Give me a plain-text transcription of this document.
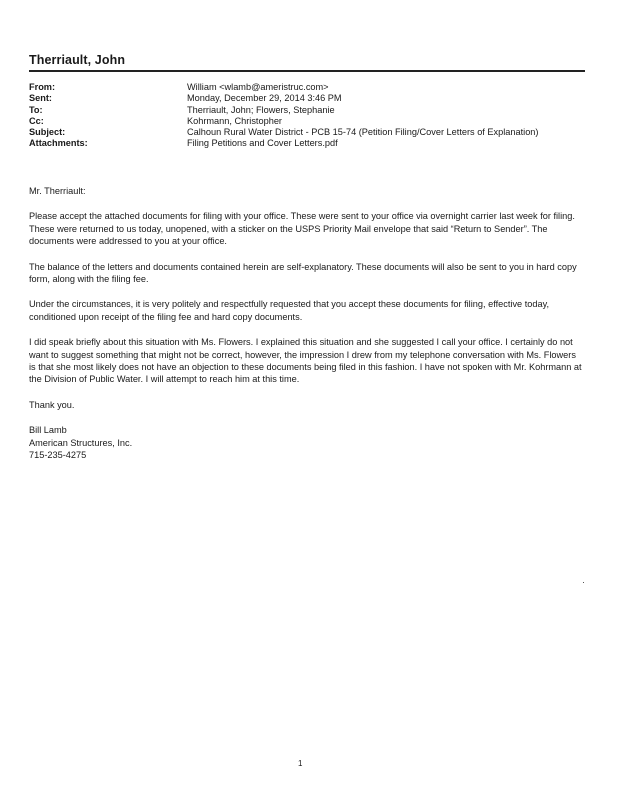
Therriault, John
From:	William <wlamb@ameristruc.com>
Sent:	Monday, December 29, 2014 3:46 PM
To:	Therriault, John; Flowers, Stephanie
Cc:	Kohrmann, Christopher
Subject:	Calhoun Rural Water District - PCB 15-74 (Petition Filing/Cover Letters of Explanation)
Attachments:	Filing Petitions and Cover Letters.pdf

Mr. Therriault:

Please accept the attached documents for filing with your office. These were sent to your office via overnight carrier last week for filing. These were returned to us today, unopened, with a sticker on the USPS Priority Mail envelope that said “Return to Sender”. The documents were addressed to you at your office.

The balance of the letters and documents contained herein are self-explanatory. These documents will also be sent to you in hard copy form, along with the filing fee.

Under the circumstances, it is very politely and respectfully requested that you accept these documents for filing, effective today, conditioned upon receipt of the filing fee and hard copy documents.

I did speak briefly about this situation with Ms. Flowers. I explained this situation and she suggested I call your office. I certainly do not want to suggest something that might not be correct, however, the impression I drew from my telephone conversation with Ms. Flowers is that she most likely does not have an objection to these documents being filed in this fashion. I have not spoken with Mr. Kohrmann at the Division of Public Water. I will attempt to reach him at this time.

Thank you.

Bill Lamb
American Structures, Inc.
715-235-4275
1
